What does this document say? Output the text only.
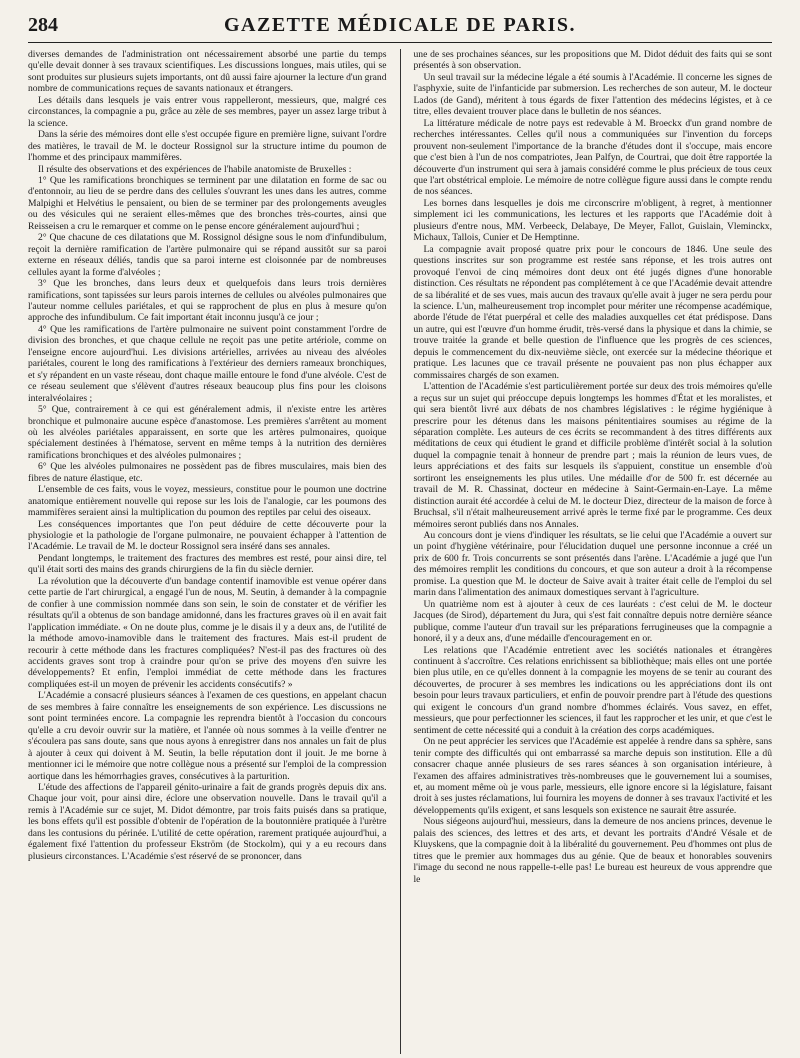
284	GAZETTE MÉDICALE DE PARIS.

diverses demandes de l'administration ont nécessairement absorbé une partie du temps qu'elle devait donner à ses travaux scientifiques. Les discussions longues, mais utiles, qui se sont produites sur plusieurs sujets importants, ont dû aussi faire ajourner la lecture d'un grand nombre de communications reçues de savants nationaux et étrangers.

Les détails dans lesquels je vais entrer vous rappelleront, messieurs, que, malgré ces circonstances, la compagnie a pu, grâce au zèle de ses membres, payer un assez large tribut à la science.

Dans la série des mémoires dont elle s'est occupée figure en première ligne, suivant l'ordre des matières, le travail de M. le docteur Rossignol sur la structure intime du poumon de l'homme et des principaux mammifères.

Il résulte des observations et des expériences de l'habile anatomiste de Bruxelles :

1° Que les ramifications bronchiques se terminent par une dilatation en forme de sac ou d'entonnoir, au lieu de se perdre dans des cellules s'ouvrant les unes dans les autres, comme Malpighi et Helvétius le pensaient, ou bien de se terminer par des prolongements aveugles ou des vésicules qui ne seraient elles-mêmes que des bronches très-courtes, ainsi que Reisseisen a cru le remarquer et comme on le pense encore généralement aujourd'hui ;

2° Que chacune de ces dilatations que M. Rossignol désigne sous le nom d'infundibulum, reçoit la dernière ramification de l'artère pulmonaire qui se répand aussitôt sur sa paroi externe en réseaux déliés, tandis que sa paroi interne est cloisonnée par de nombreuses cellules ayant la forme d'alvéoles ;

3° Que les bronches, dans leurs deux et quelquefois dans leurs trois dernières ramifications, sont tapissées sur leurs parois internes de cellules ou alvéoles pulmonaires que l'auteur nomme cellules pariétales, et qui se rapprochent de plus en plus à mesure qu'on approche des infundibulum. Ce fait important était inconnu jusqu'à ce jour ;

4° Que les ramifications de l'artère pulmonaire ne suivent point constamment l'ordre de division des bronches, et que chaque cellule ne reçoit pas une petite artériole, comme on l'enseigne encore aujourd'hui. Les divisions artérielles, arrivées au niveau des alvéoles pariétales, courent le long des ramifications à l'extérieur des derniers rameaux bronchiques, et s'y répandent en un vaste réseau, dont chaque maille entoure le fond d'une alvéole. C'est de ce réseau seulement que s'élèvent d'autres réseaux beaucoup plus fins pour les cloisons interalvéolaires ;

5° Que, contrairement à ce qui est généralement admis, il n'existe entre les artères bronchique et pulmonaire aucune espèce d'anastomose. Les premières s'arrêtent au moment où les alvéoles pariétales apparaissent, en sorte que les artères pulmonaires, quoique spécialement destinées à l'hématose, servent en même temps à la nutrition des dernières ramifications bronchiques et des alvéoles pulmonaires ;

6° Que les alvéoles pulmonaires ne possèdent pas de fibres musculaires, mais bien des fibres de nature élastique, etc.

L'ensemble de ces faits, vous le voyez, messieurs, constitue pour le poumon une doctrine anatomique entièrement nouvelle qui repose sur les lois de l'analogie, car les poumons des mammifères seraient ainsi la multiplication du poumon des reptiles par celui des oiseaux.

Les conséquences importantes que l'on peut déduire de cette découverte pour la physiologie et la pathologie de l'organe pulmonaire, ne pouvaient échapper à l'attention de l'Académie. Le travail de M. le docteur Rossignol sera inséré dans ses annales.

Pendant longtemps, le traitement des fractures des membres est resté, pour ainsi dire, tel qu'il était sorti des mains des grands chirurgiens de la fin du siècle dernier.

La révolution que la découverte d'un bandage contentif inamovible est venue opérer dans cette partie de l'art chirurgical, a engagé l'un de nous, M. Seutin, à demander à la compagnie de confier à une commission nommée dans son sein, le soin de constater et de vérifier les résultats qu'il a obtenus de son bandage amidonné, dans les fractures graves où il en avait fait l'application immédiate. « On ne doute plus, comme je le disais il y a deux ans, de l'utilité de la méthode amovo-inamovible dans le traitement des fractures. Mais est-il prudent de recourir à cette méthode dans les fractures compliquées? N'est-il pas des fractures où des accidents graves sont trop à craindre pour qu'on se prive des moyens d'en suivre les développements? Et enfin, l'emploi immédiat de cette méthode dans les fractures compliquées est-il un moyen de prévenir les accidents consécutifs? »

L'Académie a consacré plusieurs séances à l'examen de ces questions, en appelant chacun de ses membres à faire connaître les enseignements de son expérience. Les discussions ne sont point terminées encore. La compagnie les reprendra bientôt à l'occasion du concours qu'elle a cru devoir ouvrir sur la matière, et l'année où nous sommes à la veille d'entrer ne s'écoulera pas sans doute, sans que nous ayons à enregistrer dans nos annales un fait de plus à ajouter à ceux qui doivent à M. Seutin, la belle réputation dont il jouit. Je me borne à mentionner ici le mémoire que notre collègue nous a présenté sur l'emploi de la compression aortique dans les hémorrhagies graves, consécutives à la parturition.

L'étude des affections de l'appareil génito-urinaire a fait de grands progrès depuis dix ans. Chaque jour voit, pour ainsi dire, éclore une observation nouvelle. Dans le travail qu'il a remis à l'Académie sur ce sujet, M. Didot démontre, par trois faits puisés dans sa pratique, les bons effets qu'il est possible d'obtenir de l'opération de la boutonnière pratiquée à l'urètre dans les contusions du périnée. L'utilité de cette opération, rarement pratiquée aujourd'hui, a également fixé l'attention du professeur Ekström (de Stockolm), qui y a eu recours dans plusieurs circonstances. L'Académie s'est réservé de se prononcer, dans

une de ses prochaines séances, sur les propositions que M. Didot déduit des faits qui se sont présentés à son observation.

Un seul travail sur la médecine légale a été soumis à l'Académie. Il concerne les signes de l'asphyxie, suite de l'infanticide par submersion. Les recherches de son auteur, M. le docteur Lados (de Gand), méritent à tous égards de fixer l'attention des médecins légistes, et à ce titre, elles devaient trouver place dans le bulletin de nos séances.

La littérature médicale de notre pays est redevable à M. Broeckx d'un grand nombre de recherches intéressantes. Celles qu'il nous a communiquées sur l'invention du forceps prouvent non-seulement l'importance de la branche d'études dont il s'occupe, mais encore que c'est bien à l'un de nos compatriotes, Jean Palfyn, de Courtrai, que doit être rapportée la découverte d'un instrument qui sera à jamais considéré comme le plus précieux de tous ceux que l'art obstétrical emploie. Le mémoire de notre collègue figure aussi dans le compte rendu de nos séances.

Les bornes dans lesquelles je dois me circonscrire m'obligent, à regret, à mentionner simplement ici les communications, les lectures et les rapports que l'Académie doit à plusieurs d'entre nous, MM. Verbeeck, Delabaye, De Meyer, Fallot, Guislain, Vleminckx, Michaux, Tallois, Cunier et De Hemptinne.

La compagnie avait proposé quatre prix pour le concours de 1846. Une seule des questions inscrites sur son programme est restée sans réponse, et les trois autres ont provoqué l'envoi de cinq mémoires dont deux ont été jugés dignes d'une honorable distinction. Ces résultats ne répondent pas complétement à ce que l'Académie devait attendre de sa libéralité et de ses vues, mais aucun des travaux qu'elle avait à juger ne sera perdu pour la science. L'un, malheureusement trop incomplet pour mériter une récompense académique, aborde l'étude de l'état puerpéral et celle des maladies auxquelles cet état prédispose. Dans un autre, qui est l'œuvre d'un homme érudit, très-versé dans la physique et dans la chimie, se trouve traitée la grande et belle question de l'influence que les progrès de ces sciences, depuis le commencement du dix-neuvième siècle, ont exercée sur la médecine théorique et pratique. Les lacunes que ce travail présente ne pouvaient pas non plus échapper aux commissaires chargés de son examen.

L'attention de l'Académie s'est particulièrement portée sur deux des trois mémoires qu'elle a reçus sur un sujet qui préoccupe depuis longtemps les hommes d'État et les moralistes, et qui sera bientôt livré aux débats de nos chambres législatives : le régime hygiénique à prescrire pour les détenus dans les maisons pénitentiaires soumises au régime de la séparation complète. Les auteurs de ces écrits se recommandent à des titres différents aux méditations de ceux qui étudient le grand et difficile problème d'intérêt social à la solution duquel la compagnie tenait à honneur de prendre part ; mais la réunion de leurs vues, de leurs appréciations et des faits sur lesquels ils s'appuient, constitue un ensemble d'où sortiront les enseignements les plus utiles. Une médaille d'or de 500 fr. est décernée au travail de M. R. Chassinat, docteur en médecine à Saint-Germain-en-Laye. La même distinction aurait été accordée à celui de M. le docteur Diez, directeur de la maison de force à Bruchsal, s'il n'était malheureusement arrivé après le terme fixé par le programme. Ces deux mémoires seront publiés dans nos Annales.

Au concours dont je viens d'indiquer les résultats, se lie celui que l'Académie a ouvert sur un point d'hygiène vétérinaire, pour l'élucidation duquel une personne inconnue a créé un prix de 600 fr. Trois concurrents se sont présentés dans l'arène. L'Académie a jugé que l'un des mémoires remplit les conditions du concours, et que son auteur a droit à la récompense promise. La question que M. le docteur de Saive avait à traiter était celle de l'emploi du sel marin dans l'alimentation des animaux domestiques servant à l'agriculture.

Un quatrième nom est à ajouter à ceux de ces lauréats : c'est celui de M. le docteur Jacques (de Sirod), département du Jura, qui s'est fait connaître depuis notre dernière séance publique, comme l'auteur d'un travail sur les préparations ferrugineuses que la compagnie a honoré, il y a deux ans, d'une médaille d'encouragement en or.

Les relations que l'Académie entretient avec les sociétés nationales et étrangères continuent à s'accroître. Ces relations enrichissent sa bibliothèque; mais elles ont une portée bien plus utile, en ce qu'elles donnent à la compagnie les moyens de se tenir au courant des découvertes, de procurer à ses membres les indications ou les appréciations dont ils ont besoin pour leurs travaux particuliers, et enfin de pouvoir prendre part à l'étude des questions qui exigent le concours d'un grand nombre d'hommes éclairés. Vous savez, en effet, messieurs, que pour perfectionner les sciences, il faut les rapprocher et les unir, et que c'est le sentiment de cette nécessité qui a conduit à la création des corps académiques.

On ne peut apprécier les services que l'Académie est appelée à rendre dans sa sphère, sans tenir compte des difficultés qui ont embarrassé sa marche depuis son institution. Elle a dû consacrer chaque année plusieurs de ses rares séances à son organisation intérieure, à l'examen des affaires administratives très-nombreuses que le gouvernement lui a soumises, et, au moment même où je vous parle, messieurs, elle ignore encore si la législature, faisant droit à ses justes réclamations, lui fournira les moyens de donner à ses travaux l'activité et les développements qu'ils exigent, et sans lesquels son existence ne saurait être assurée.

Nous siégeons aujourd'hui, messieurs, dans la demeure de nos anciens princes, devenue le palais des sciences, des lettres et des arts, et devant les portraits d'André Vésale et de Kluyskens, que la compagnie doit à la libéralité du gouvernement. Peu d'hommes ont plus de titres que le premier aux hommages dus au génie. Que de beaux et honorables souvenirs l'image du second ne nous rappelle-t-elle pas! Le bureau est heureux de vous apprendre que le
